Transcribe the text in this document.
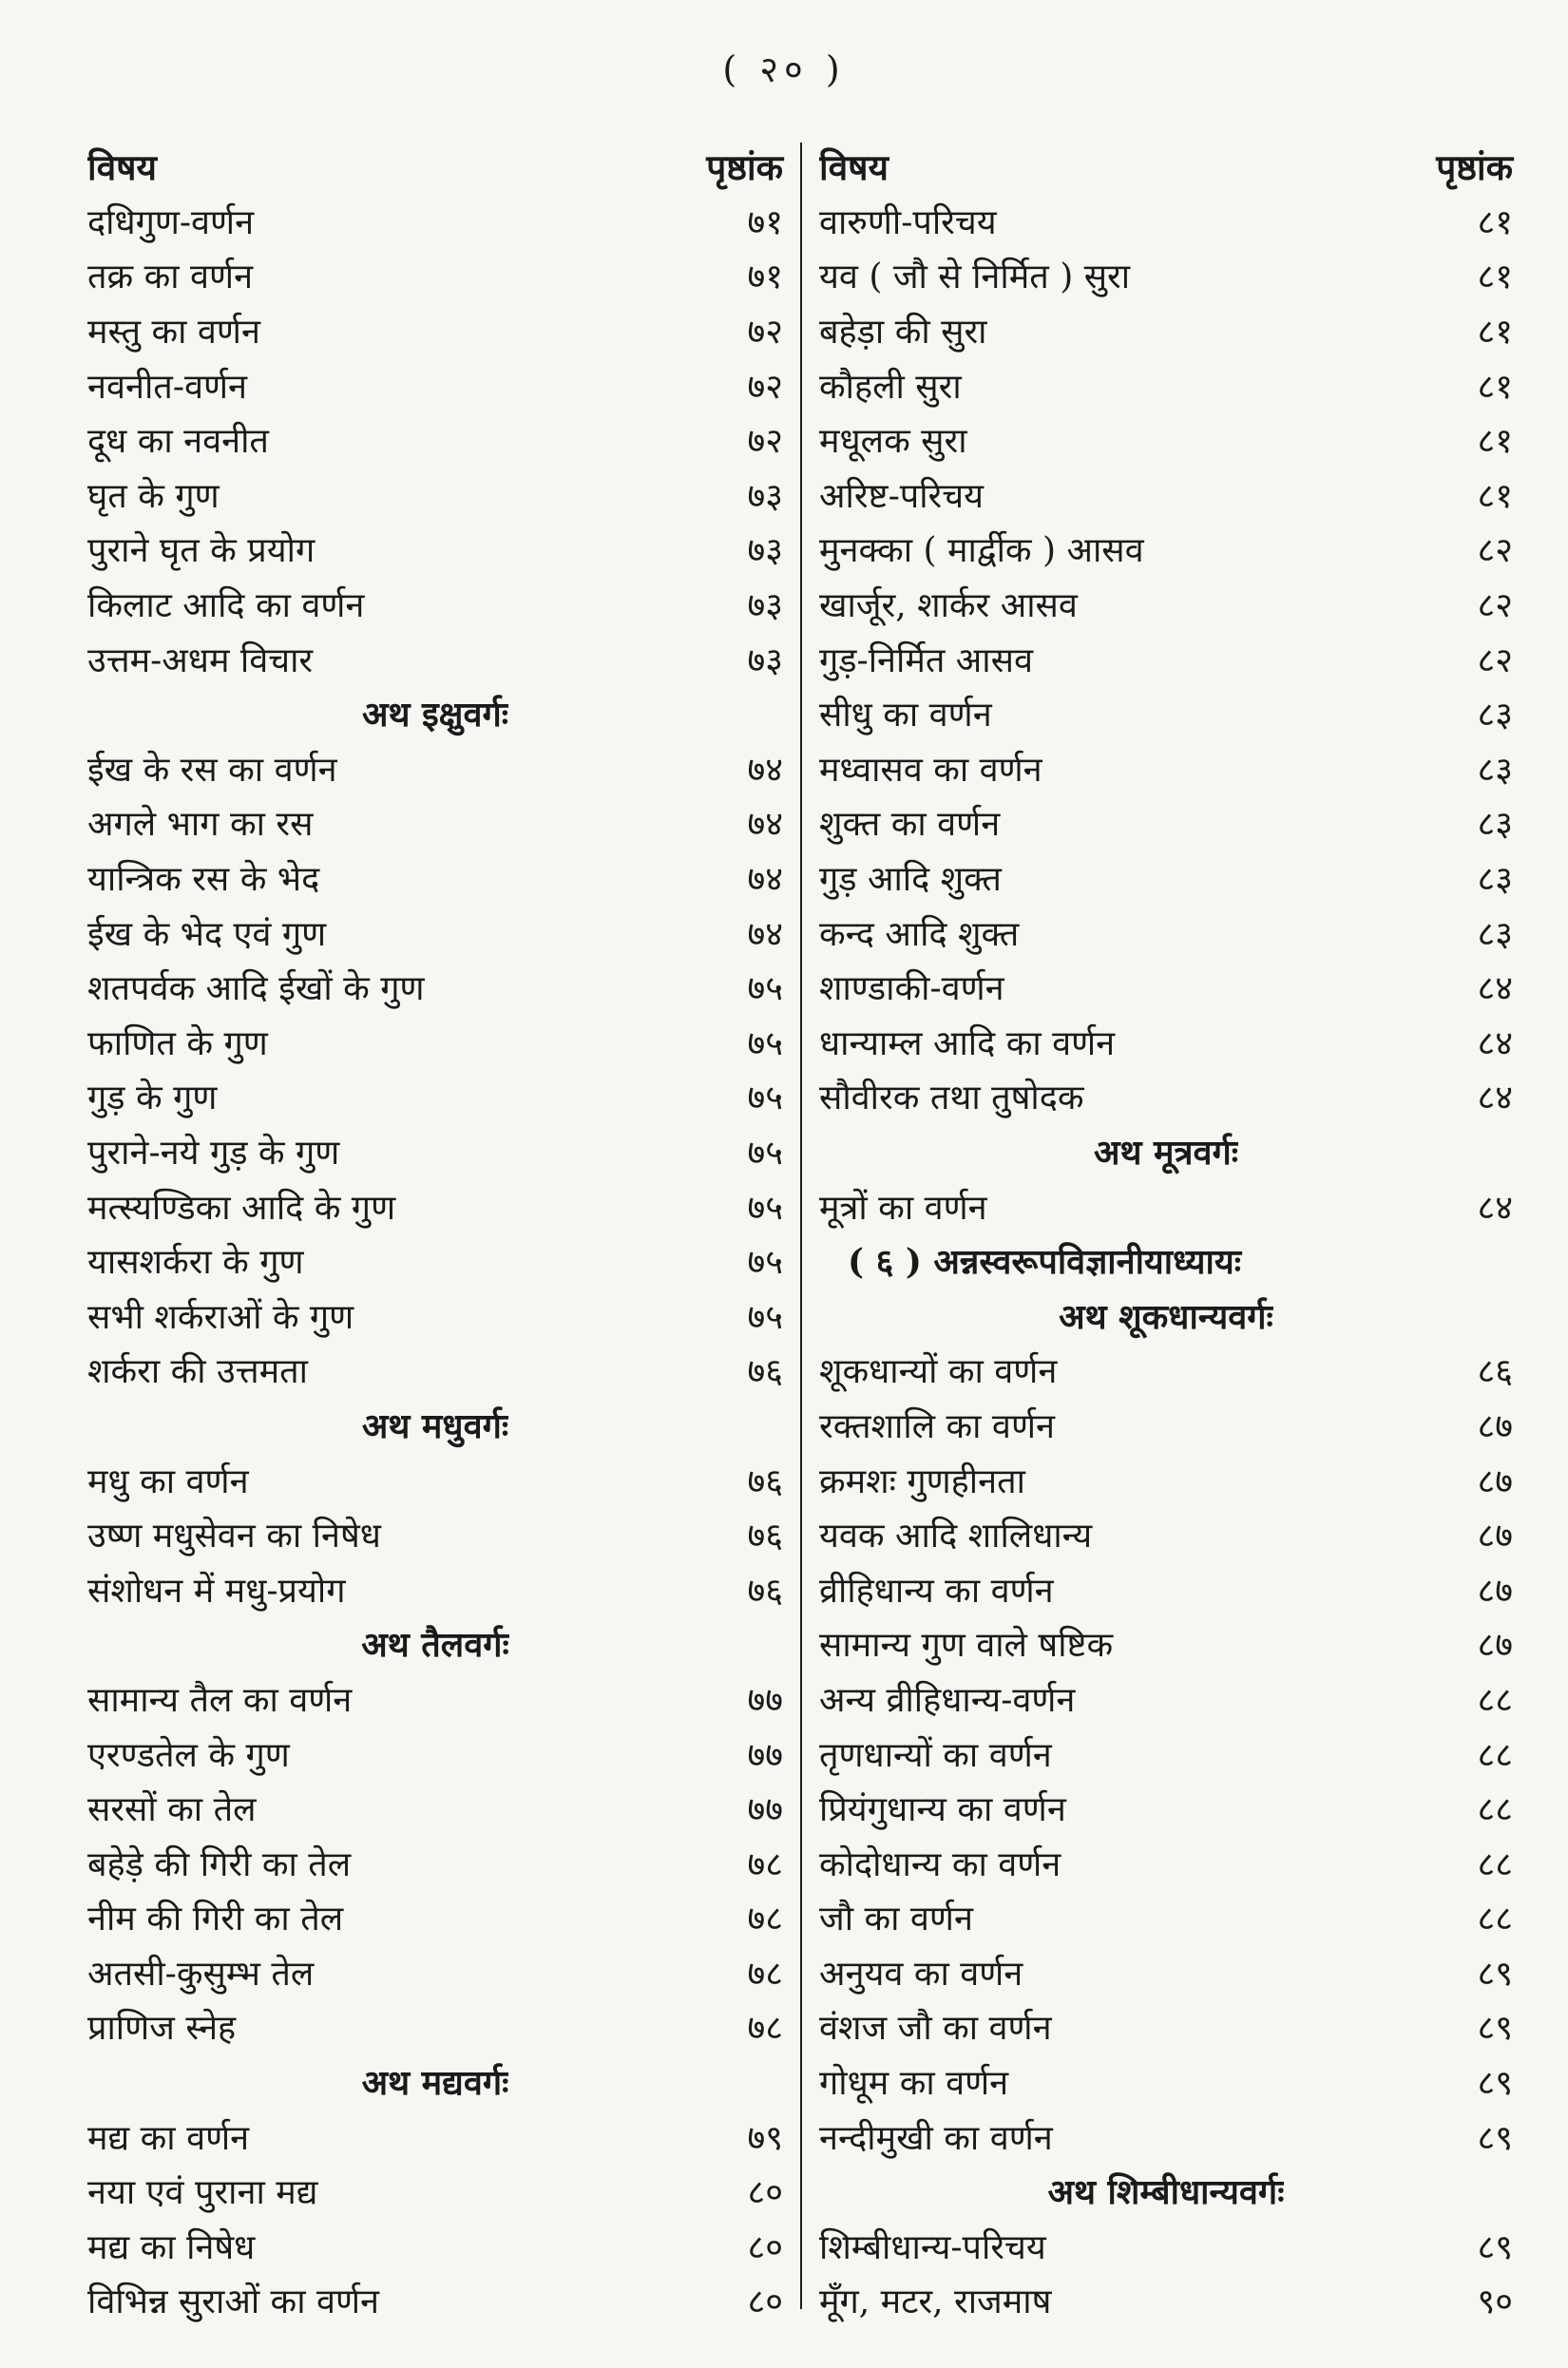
( २० )
विषय	पृष्ठांक
दधिगुण-वर्णन	७१
तक्र का वर्णन	७१
मस्तु का वर्णन	७२
नवनीत-वर्णन	७२
दूध का नवनीत	७२
घृत के गुण	७३
पुराने घृत के प्रयोग	७३
किलाट आदि का वर्णन	७३
उत्तम-अधम विचार	७३
अथ इक्षुवर्गः
ईख के रस का वर्णन	७४
अगले भाग का रस	७४
यान्त्रिक रस के भेद	७४
ईख के भेद एवं गुण	७४
शतपर्वक आदि ईखों के गुण	७५
फाणित के गुण	७५
गुड़ के गुण	७५
पुराने-नये गुड़ के गुण	७५
मत्स्यण्डिका आदि के गुण	७५
यासशर्करा के गुण	७५
सभी शर्कराओं के गुण	७५
शर्करा की उत्तमता	७६
अथ मधुवर्गः
मधु का वर्णन	७६
उष्ण मधुसेवन का निषेध	७६
संशोधन में मधु-प्रयोग	७६
अथ तैलवर्गः
सामान्य तैल का वर्णन	७७
एरण्डतेल के गुण	७७
सरसों का तेल	७७
बहेड़े की गिरी का तेल	७८
नीम की गिरी का तेल	७८
अतसी-कुसुम्भ तेल	७८
प्राणिज स्नेह	७८
अथ मद्यवर्गः
मद्य का वर्णन	७९
नया एवं पुराना मद्य	८०
मद्य का निषेध	८०
विभिन्न सुराओं का वर्णन	८०
विषय	पृष्ठांक
वारुणी-परिचय	८१
यव ( जौ से निर्मित ) सुरा	८१
बहेड़ा की सुरा	८१
कौहली सुरा	८१
मधूलक सुरा	८१
अरिष्ट-परिचय	८१
मुनक्का ( मार्द्वीक ) आसव	८२
खार्जूर, शार्कर आसव	८२
गुड़-निर्मित आसव	८२
सीधु का वर्णन	८३
मध्वासव का वर्णन	८३
शुक्त का वर्णन	८३
गुड़ आदि शुक्त	८३
कन्द आदि शुक्त	८३
शाण्डाकी-वर्णन	८४
धान्याम्ल आदि का वर्णन	८४
सौवीरक तथा तुषोदक	८४
अथ मूत्रवर्गः
मूत्रों का वर्णन	८४
( ६ ) अन्नस्वरूपविज्ञानीयाध्यायः
अथ शूकधान्यवर्गः
शूकधान्यों का वर्णन	८६
रक्तशालि का वर्णन	८७
क्रमशः गुणहीनता	८७
यवक आदि शालिधान्य	८७
व्रीहिधान्य का वर्णन	८७
सामान्य गुण वाले षष्टिक	८७
अन्य व्रीहिधान्य-वर्णन	८८
तृणधान्यों का वर्णन	८८
प्रियंगुधान्य का वर्णन	८८
कोदोधान्य का वर्णन	८८
जौ का वर्णन	८८
अनुयव का वर्णन	८९
वंशज जौ का वर्णन	८९
गोधूम का वर्णन	८९
नन्दीमुखी का वर्णन	८९
अथ शिम्बीधान्यवर्गः
शिम्बीधान्य-परिचय	८९
मूँग, मटर, राजमाष	९०
